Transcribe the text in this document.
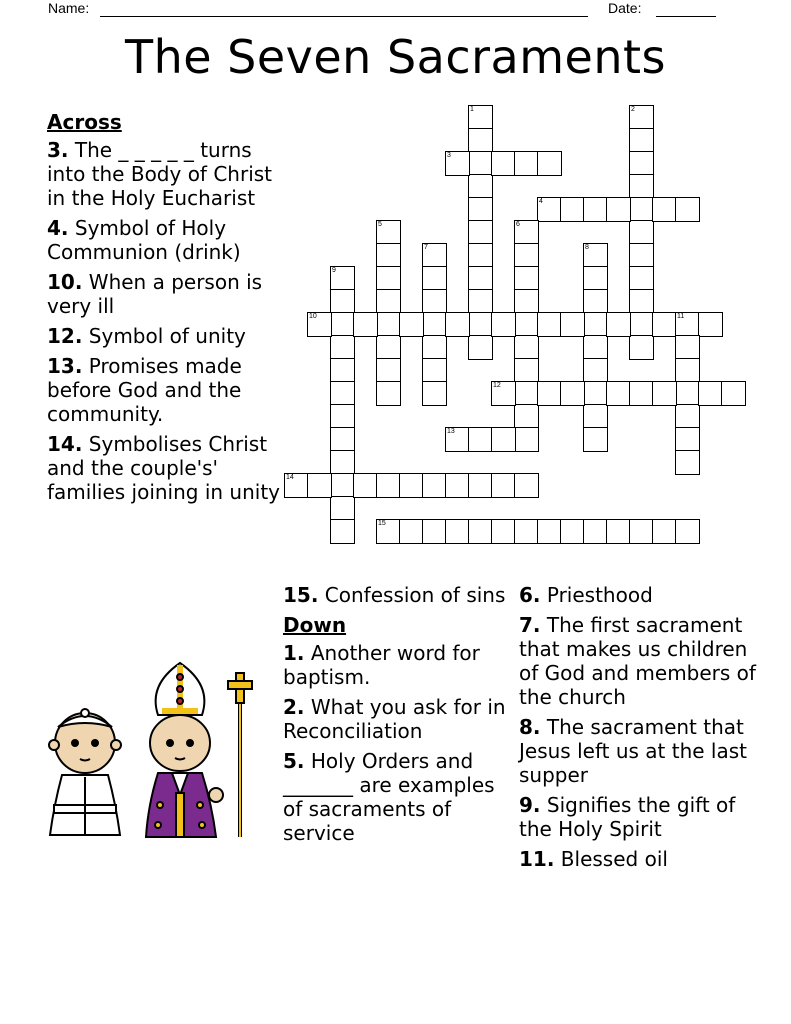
Name:	Date:
The Seven Sacraments
1	2
3
4
5	6
7	8
9
10	11
12
13
14
15
Across
3. The _ _ _ _ _ turns into the Body of Christ in the Holy Eucharist
4. Symbol of Holy Communion (drink)
10. When a person is very ill
12. Symbol of unity
13. Promises made before God and the community.
14. Symbolises Christ and the couple's' families joining in unity
15. Confession of sins
Down
1. Another word for baptism.
2. What you ask for in Reconciliation
5. Holy Orders and _______ are examples of sacraments of service
6. Priesthood
7. The first sacrament that makes us children of God and members of the church
8. The sacrament that Jesus left us at the last supper
9. Signifies the gift of the Holy Spirit
11. Blessed oil
